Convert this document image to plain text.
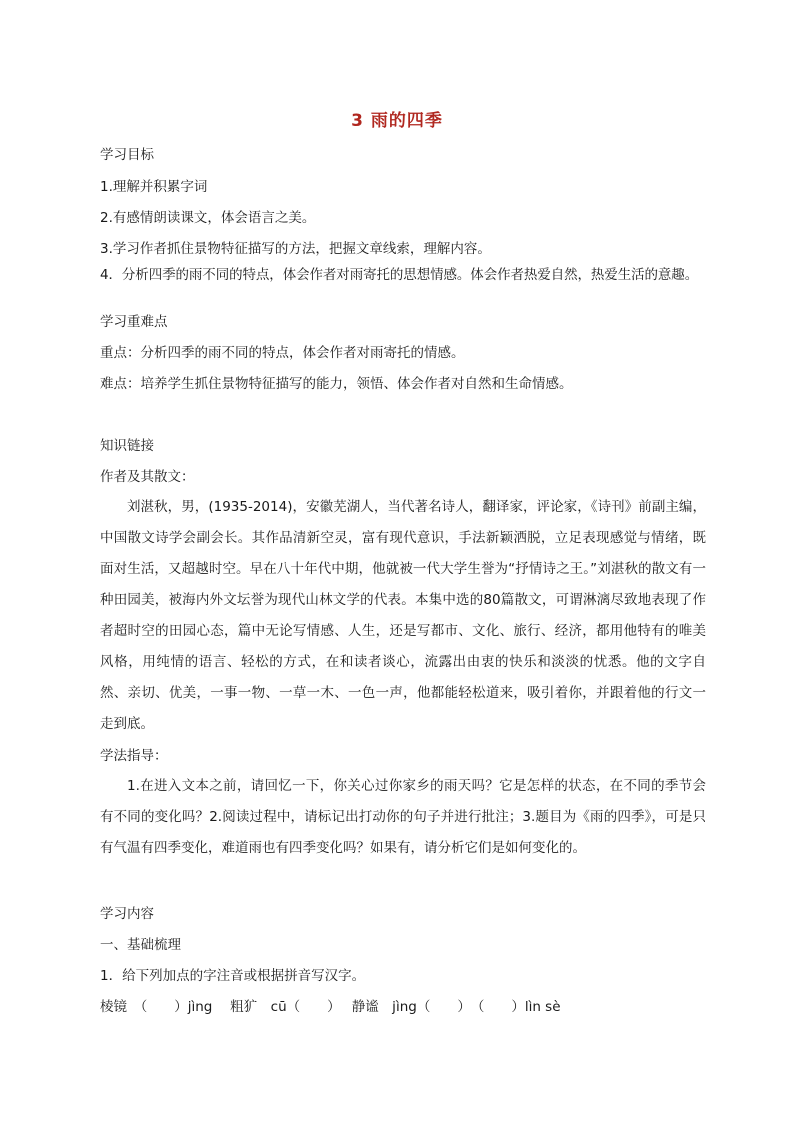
3 雨的四季
学习目标
1.理解并积累字词
2.有感情朗读课文，体会语言之美。
3.学习作者抓住景物特征描写的方法，把握文章线索，理解内容。
4．分析四季的雨不同的特点，体会作者对雨寄托的思想情感。体会作者热爱自然，热爱生活的意趣。
学习重难点
重点：分析四季的雨不同的特点，体会作者对雨寄托的情感。
难点：培养学生抓住景物特征描写的能力，领悟、体会作者对自然和生命情感。
知识链接
作者及其散文：
刘湛秋，男，(1935-2014)，安徽芜湖人，当代著名诗人，翻译家，评论家，《诗刊》前副主编，中国散文诗学会副会长。其作品清新空灵，富有现代意识，手法新颖洒脱，立足表现感觉与情绪，既面对生活，又超越时空。早在八十年代中期，他就被一代大学生誉为“抒情诗之王。”刘湛秋的散文有一种田园美，被海内外文坛誉为现代山林文学的代表。本集中选的80篇散文，可谓淋漓尽致地表现了作者超时空的田园心态，篇中无论写情感、人生，还是写都市、文化、旅行、经济，都用他特有的唯美风格，用纯情的语言、轻松的方式，在和读者谈心，流露出由衷的快乐和淡淡的忧悉。他的文字自然、亲切、优美，一事一物、一草一木、一色一声，他都能轻松道来，吸引着你，并跟着他的行文一走到底。
学法指导：
1.在进入文本之前，请回忆一下，你关心过你家乡的雨天吗？它是怎样的状态，在不同的季节会有不同的变化吗？2.阅读过程中，请标记出打动你的句子并进行批注；3.题目为《雨的四季》，可是只有气温有四季变化，难道雨也有四季变化吗？如果有，请分析它们是如何变化的。
学习内容
一、基础梳理
1．给下列加点的字注音或根据拼音写汉字。
棱镜　（　　）jìng　 粗犷　cū（　　）　 静谧　jìng（　　）　（　　）lìn sè
